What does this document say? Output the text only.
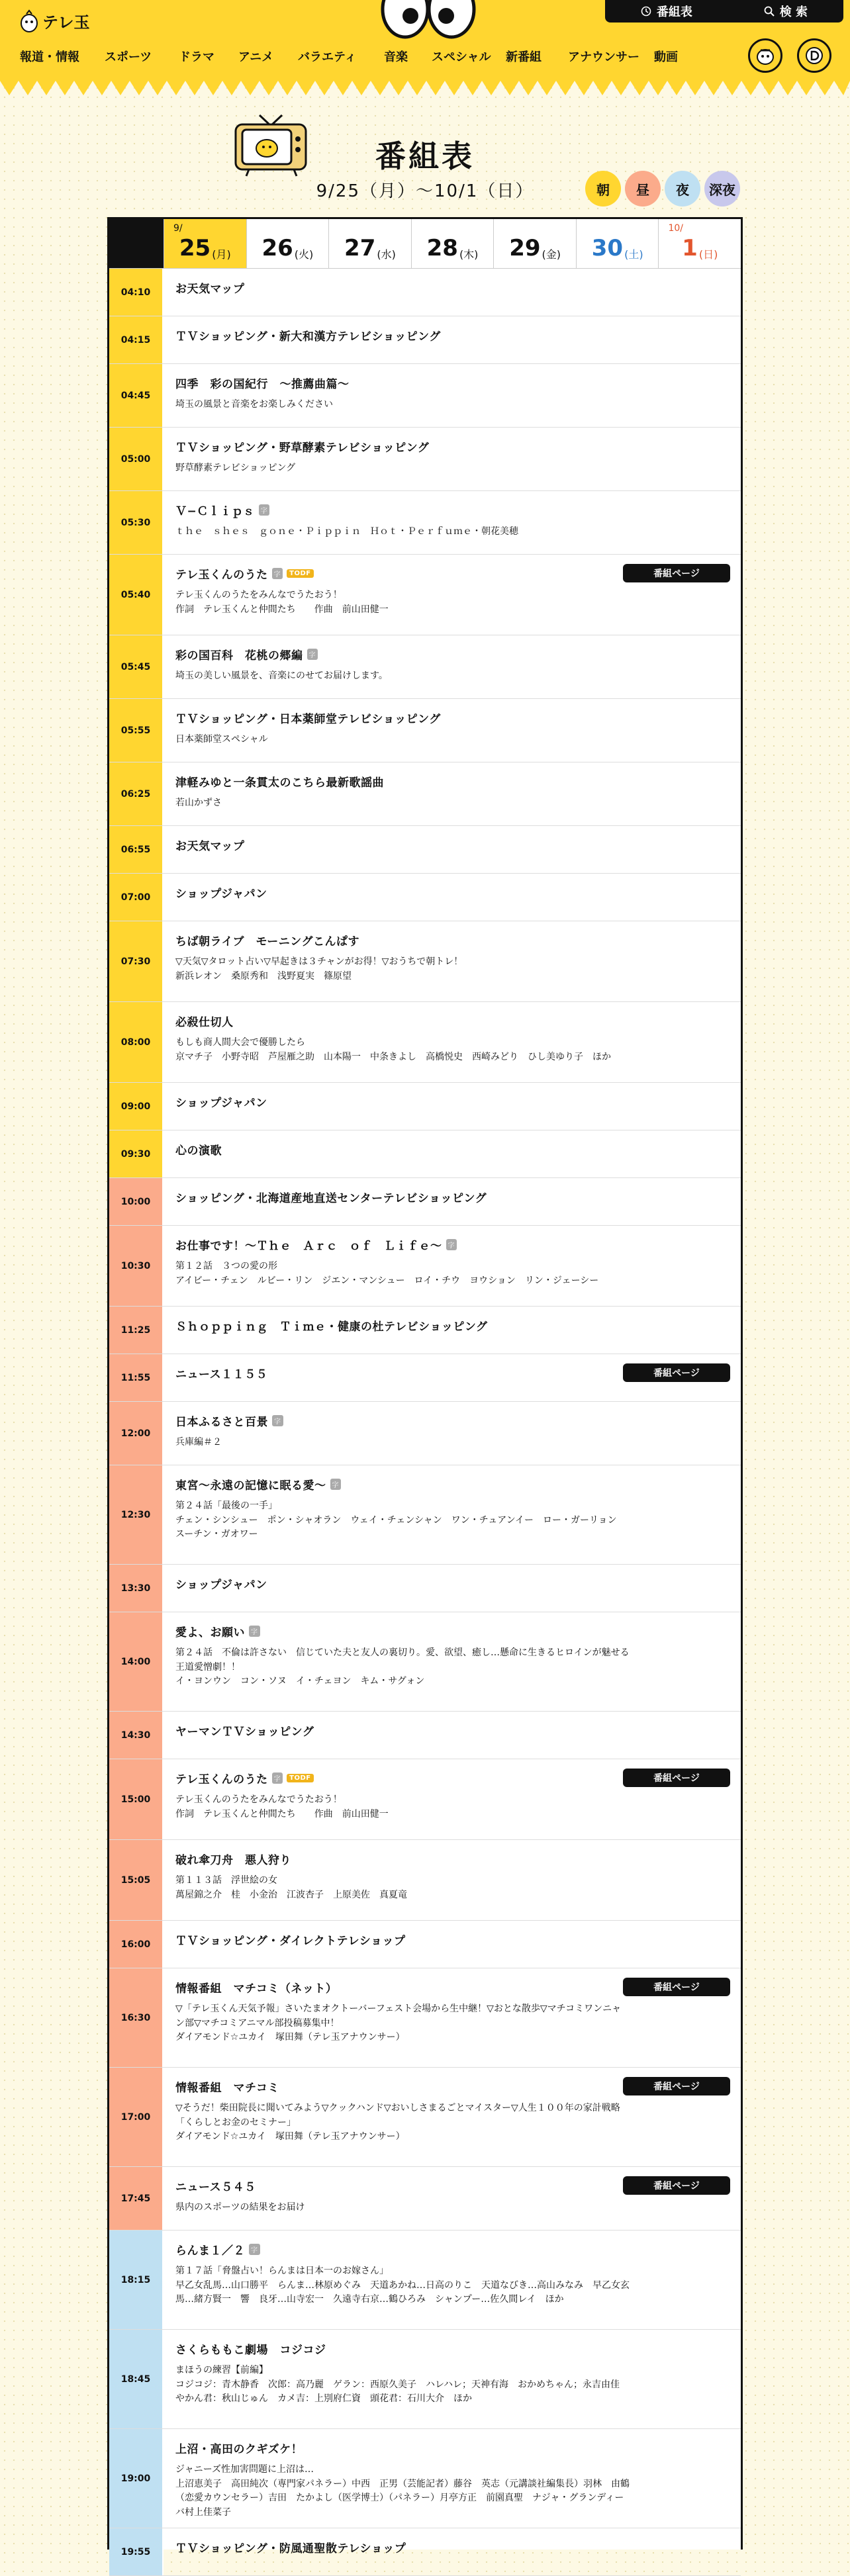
テレ玉
番組表	検 索
報道・情報	スポーツ	ドラマ	アニメ	バラエティ	音楽	スペシャル	新番組	アナウンサー	動画
番組表
9/25（月）〜10/1（日）	朝	昼	夜	深夜
9/
25 (月) 26 (火) 27 (水) 28 (木) 29 (金) 30 (土)
10/
1 (日)
04:10	お天気マップ
04:15	ＴＶショッピング・新大和漢方テレビショッピング
04:45
四季　彩の国紀行　〜推薦曲篇〜
埼玉の風景と音楽をお楽しみください
05:00
ＴＶショッピング・野草酵素テレビショッピング
野草酵素テレビショッピング
05:30
Ｖ−Ｃｌｉｐｓ 字
ｔｈｅ　ｓｈｅｓ　ｇｏｎｅ・Ｐｉｐｐｉｎ　Ｈｏｔ・Ｐｅｒｆｕｍｅ・朝花美穂
05:40
テレ玉くんのうた 字	TODF
テレ玉くんのうたをみんなでうたおう！
作詞　テレ玉くんと仲間たち　　作曲　前山田健一
番組ページ
05:45
彩の国百科　花桃の郷編 字
埼玉の美しい風景を、音楽にのせてお届けします。
05:55
ＴＶショッピング・日本薬師堂テレビショッピング
日本薬師堂スペシャル
06:25
津軽みゆと一条貫太のこちら最新歌謡曲
若山かずさ
06:55	お天気マップ
07:00	ショップジャパン
07:30
ちば朝ライブ　モーニングこんぱす
▽天気▽タロット占い▽早起きは３チャンがお得！▽おうちで朝トレ！
新浜レオン　桑原秀和　浅野夏実　篠原望
08:00
必殺仕切人
もしも商人間大会で優勝したら
京マチ子　小野寺昭　芦屋雁之助　山本陽一　中条きよし　高橋悦史　西崎みどり　ひし美ゆり子　ほか
09:00	ショップジャパン
09:30	心の演歌
10:00	ショッピング・北海道産地直送センターテレビショッピング
10:30
お仕事です！〜Ｔｈｅ　Ａｒｃ　ｏｆ　Ｌｉｆｅ〜 字
第１２話　３つの愛の形
アイビー・チェン　ルビー・リン　ジエン・マンシュー　ロイ・チウ　ヨウション　リン・ジェーシー
11:25	Ｓｈｏｐｐｉｎｇ　Ｔｉｍｅ・健康の杜テレビショッピング
11:55	ニュース１１５５	番組ページ
12:00
日本ふるさと百景 字
兵庫編＃２
12:30
東宮〜永遠の記憶に眠る愛〜 字
第２４話「最後の一手」
チェン・シンシュー　ポン・シャオラン　ウェイ・チェンシャン　ワン・チュアンイー　ロー・ガーリョン　スーチン・ガオワー
13:30	ショップジャパン
14:00
愛よ、お願い 字
第２４話　不倫は許さない　信じていた夫と友人の裏切り。愛、欲望、癒し…懸命に生きるヒロインが魅せる王道愛憎劇！！
イ・ヨンウン　コン・ソヌ　イ・チェヨン　キム・サグォン
14:30	ヤーマンＴＶショッピング
15:00
テレ玉くんのうた 字	TODF
テレ玉くんのうたをみんなでうたおう！
作詞　テレ玉くんと仲間たち　　作曲　前山田健一
番組ページ
15:05
破れ傘刀舟　悪人狩り
第１１３話　浮世絵の女
萬屋錦之介　桂　小金治　江波杏子　上原美佐　真夏竜
16:00	ＴＶショッピング・ダイレクトテレショップ
16:30
情報番組　マチコミ（ネット）
▽「テレ玉くん天気予報」さいたまオクトーバーフェスト会場から生中継！▽おとな散歩▽マチコミワンニャン部▽マチコミアニマル部投稿募集中！
ダイアモンド☆ユカイ　塚田舞（テレ玉アナウンサー）
番組ページ
17:00
情報番組　マチコミ
▽そうだ！柴田院長に聞いてみよう▽クックハンド▽おいしさまるごとマイスター▽人生１００年の家計戦略「くらしとお金のセミナー」
ダイアモンド☆ユカイ　塚田舞（テレ玉アナウンサー）
番組ページ
17:45
ニュース５４５
県内のスポーツの結果をお届け
番組ページ
18:15
らんま１／２ 字
第１７話「脅盤占い！らんまは日本一のお嫁さん」
早乙女乱馬…山口勝平　らんま…林原めぐみ　天道あかね…日高のりこ　天道なびき…高山みなみ　早乙女玄馬…緒方賢一　響　良牙…山寺宏一　久遠寺右京…鶴ひろみ　シャンプー…佐久間レイ　ほか
18:45
さくらももこ劇場　コジコジ
まほうの練習【前編】
コジコジ：青木静香　次郎：高乃麗　ゲラン：西原久美子　ハレハレ；天神有海　おかめちゃん；永吉由佳　やかん君：秋山じゅん　カメ吉：上別府仁資　頭花君：石川大介　ほか
19:00
上沼・高田のクギズケ！
ジャニーズ性加害問題に上沼は…
上沼恵美子　高田純次（専門家パネラー）中西　正男（芸能記者）藤谷　英志（元講談社編集長）羽林　由鶴（恋愛カウンセラー）吉田　たかよし（医学博士）（パネラー）月亭方正　前園真聖　ナジャ・グランディーバ村上佳菜子
19:55	ＴＶショッピング・防風通聖散テレショップ
